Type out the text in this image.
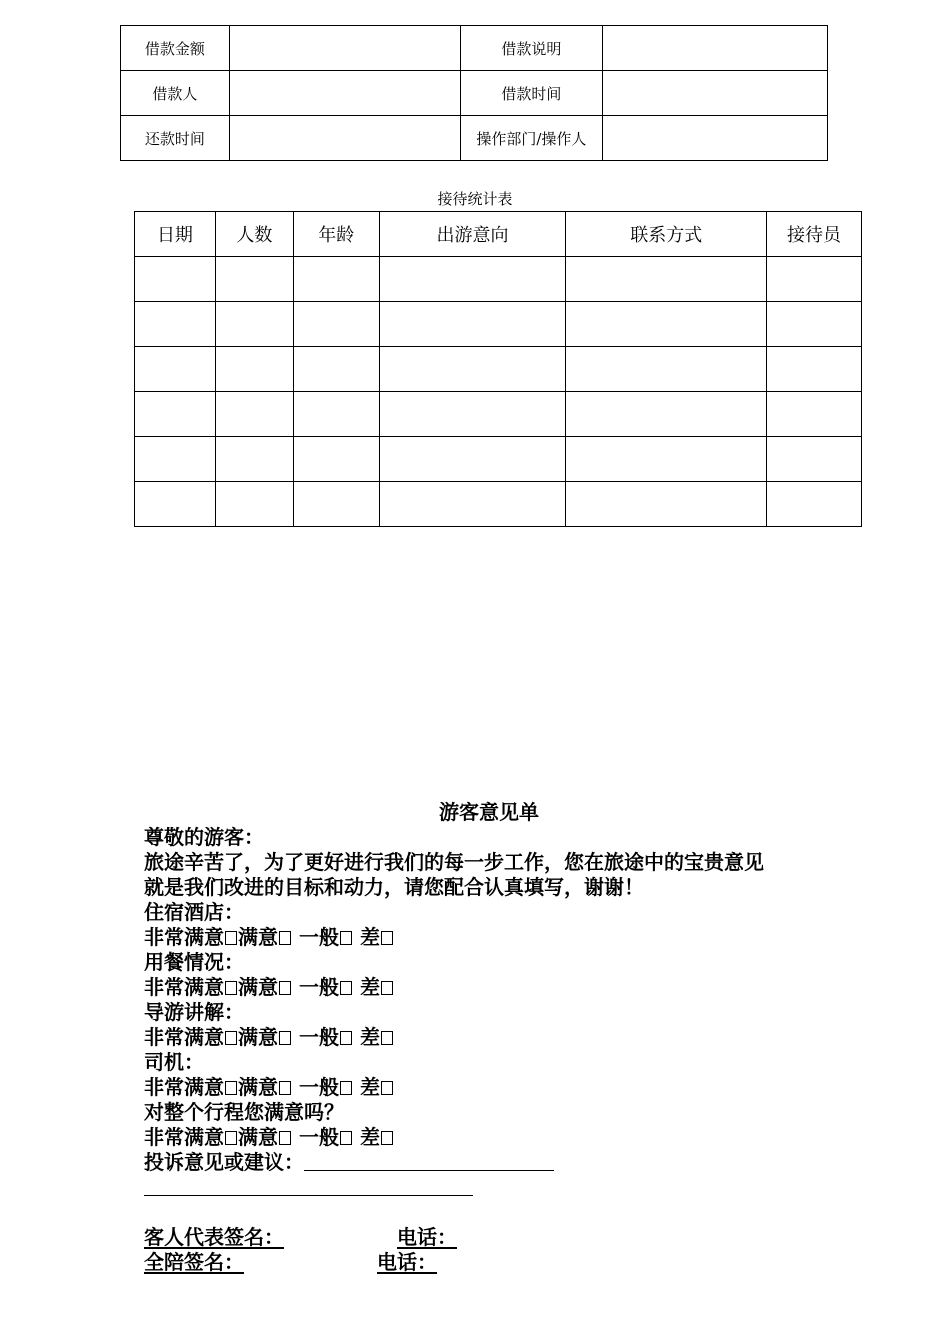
借款金额		借款说明	
借款人		借款时间	
还款时间		操作部门/操作人	
接待统计表
日期	人数	年龄	出游意向	联系方式	接待员

游客意见单
尊敬的游客：
旅途辛苦了，为了更好进行我们的每一步工作，您在旅途中的宝贵意见
就是我们改进的目标和动力，请您配合认真填写，谢谢！
住宿酒店：
非常满意 满意 一般 差
用餐情况：
非常满意 满意 一般 差
导游讲解：
非常满意 满意 一般 差
司机：
非常满意 满意 一般 差
对整个行程您满意吗？
非常满意 满意 一般 差
投诉意见或建议：
客人代表签名：	电话：
全陪签名：	电话：
